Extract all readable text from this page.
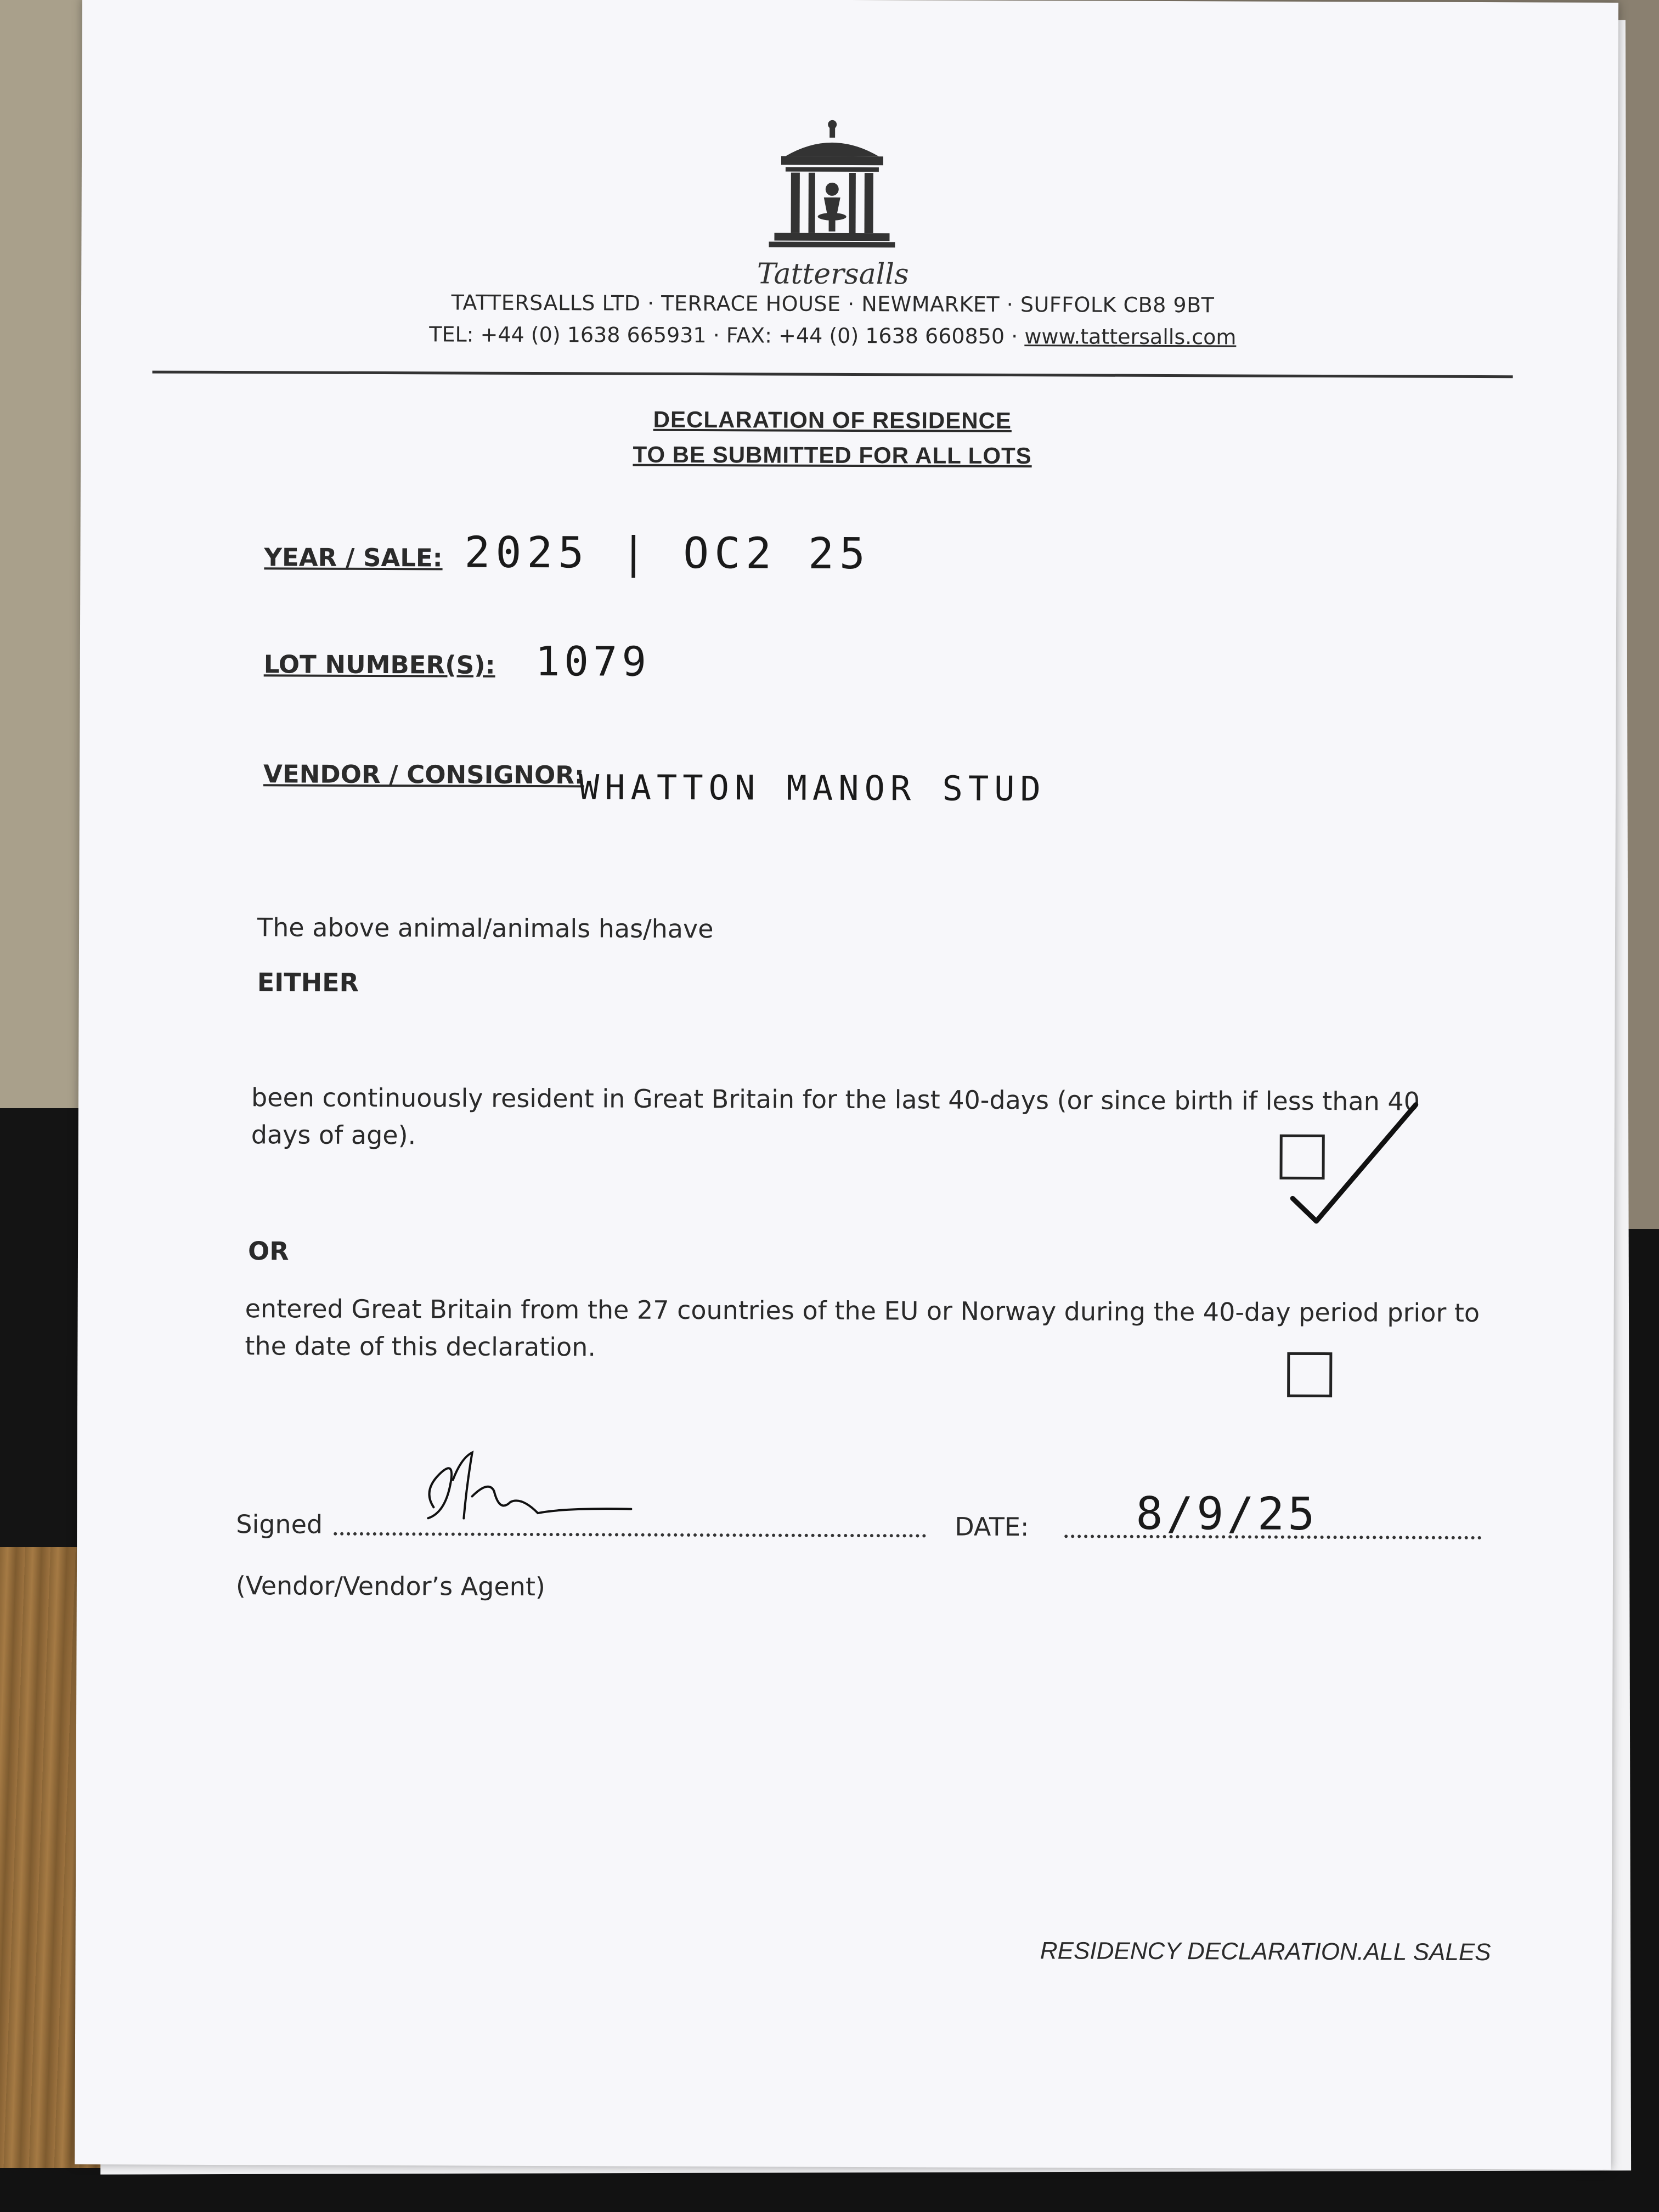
Tattersalls
TATTERSALLS LTD · TERRACE HOUSE · NEWMARKET · SUFFOLK CB8 9BT
TEL: +44 (0) 1638 665931 · FAX: +44 (0) 1638 660850 · www.tattersalls.com
DECLARATION OF RESIDENCE
TO BE SUBMITTED FOR ALL LOTS
YEAR / SALE: 2025 | OC2 25
LOT NUMBER(S): 1079
VENDOR / CONSIGNOR:
WHATTON MANOR STUD
The above animal/animals has/have
EITHER
been continuously resident in Great Britain for the last 40-days (or since birth if less than 40 days of age).
OR
entered Great Britain from the 27 countries of the EU or Norway during the 40-day period prior to the date of this declaration.
Signed	DATE: 8/9/25
(Vendor/Vendor’s Agent)
RESIDENCY DECLARATION.ALL SALES
